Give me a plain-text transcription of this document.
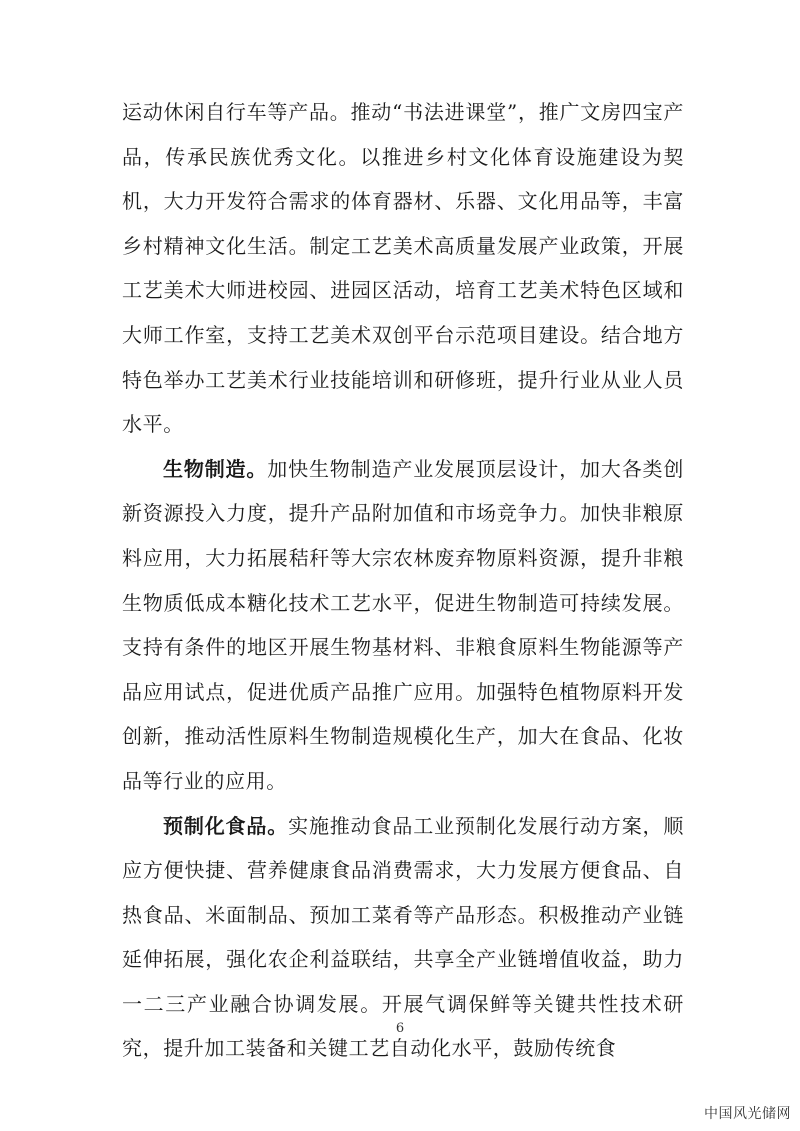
运动休闲自行车等产品。推动“书法进课堂”，推广文房四宝产品，传承民族优秀文化。以推进乡村文化体育设施建设为契机，大力开发符合需求的体育器材、乐器、文化用品等，丰富乡村精神文化生活。制定工艺美术高质量发展产业政策，开展工艺美术大师进校园、进园区活动，培育工艺美术特色区域和大师工作室，支持工艺美术双创平台示范项目建设。结合地方特色举办工艺美术行业技能培训和研修班，提升行业从业人员水平。

生物制造。加快生物制造产业发展顶层设计，加大各类创新资源投入力度，提升产品附加值和市场竞争力。加快非粮原料应用，大力拓展秸秆等大宗农林废弃物原料资源，提升非粮生物质低成本糖化技术工艺水平，促进生物制造可持续发展。支持有条件的地区开展生物基材料、非粮食原料生物能源等产品应用试点，促进优质产品推广应用。加强特色植物原料开发创新，推动活性原料生物制造规模化生产，加大在食品、化妆品等行业的应用。

预制化食品。实施推动食品工业预制化发展行动方案，顺应方便快捷、营养健康食品消费需求，大力发展方便食品、自热食品、米面制品、预加工菜肴等产品形态。积极推动产业链延伸拓展，强化农企利益联结，共享全产业链增值收益，助力一二三产业融合协调发展。开展气调保鲜等关键共性技术研究，提升加工装备和关键工艺自动化水平，鼓励传统食

6
中国风光储网
